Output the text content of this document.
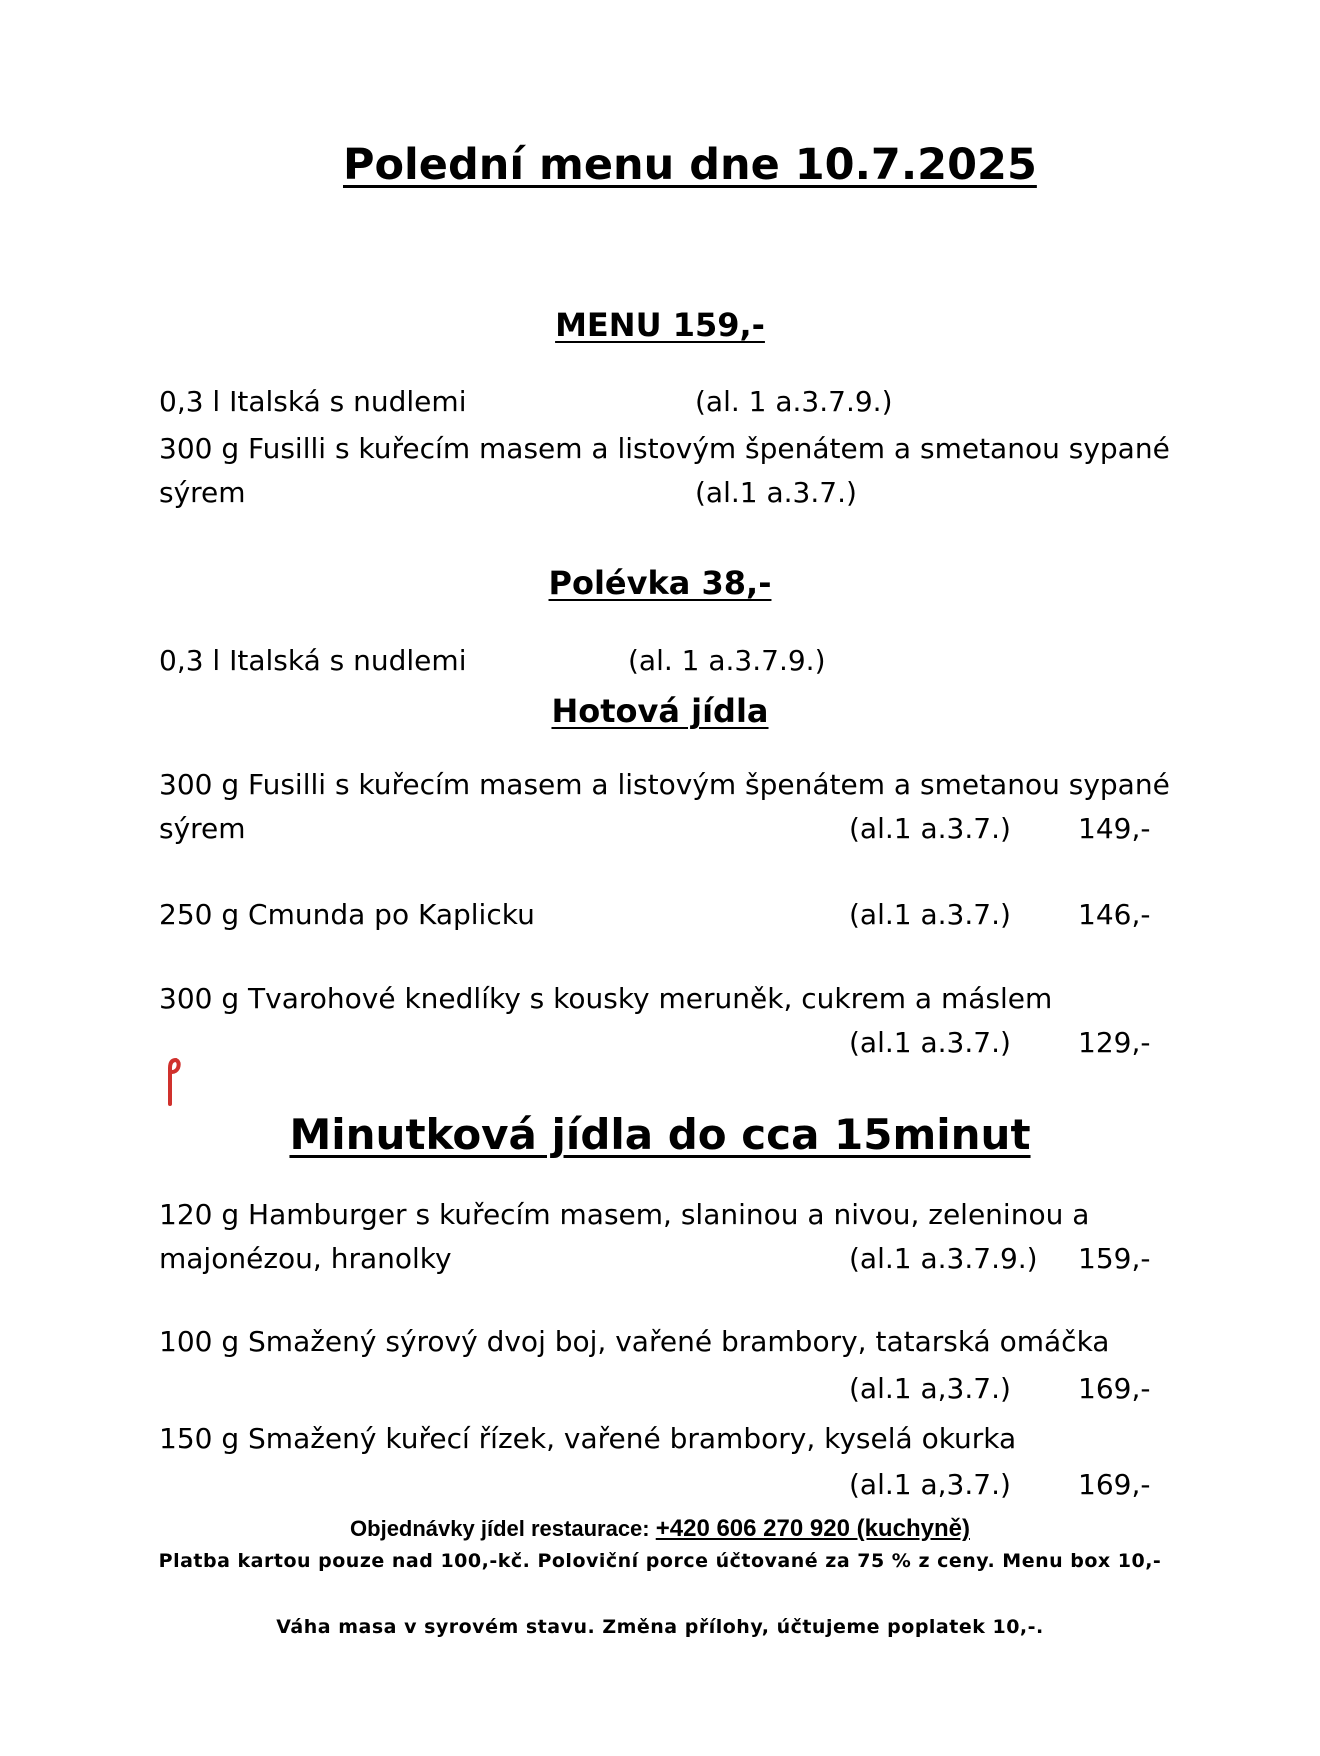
Polední menu dne 10.7.2025
MENU 159,-
0,3 l Italská s nudlemi	(al. 1 a.3.7.9.)
300 g Fusilli s kuřecím masem a listovým špenátem a smetanou sypané
sýrem	(al.1 a.3.7.)
Polévka 38,-
0,3 l Italská s nudlemi	(al. 1 a.3.7.9.)
Hotová jídla
300 g Fusilli s kuřecím masem a listovým špenátem a smetanou sypané
sýrem	(al.1 a.3.7.) 149,-
250 g Cmunda po Kaplicku	(al.1 a.3.7.) 146,-
300 g Tvarohové knedlíky s kousky meruněk, cukrem a máslem
(al.1 a.3.7.) 129,-
Minutková jídla do cca 15minut
120 g Hamburger s kuřecím masem, slaninou a nivou, zeleninou a
majonézou, hranolky	(al.1 a.3.7.9.) 159,-
100 g Smažený sýrový dvoj boj, vařené brambory, tatarská omáčka
(al.1 a,3.7.) 169,-
150 g Smažený kuřecí řízek, vařené brambory, kyselá okurka
(al.1 a,3.7.) 169,-
Objednávky jídel restaurace: +420 606 270 920 (kuchyně)
Platba kartou pouze nad 100,-kč. Poloviční porce účtované za 75 % z ceny. Menu box 10,-
Váha masa v syrovém stavu. Změna přílohy, účtujeme poplatek 10,-.
